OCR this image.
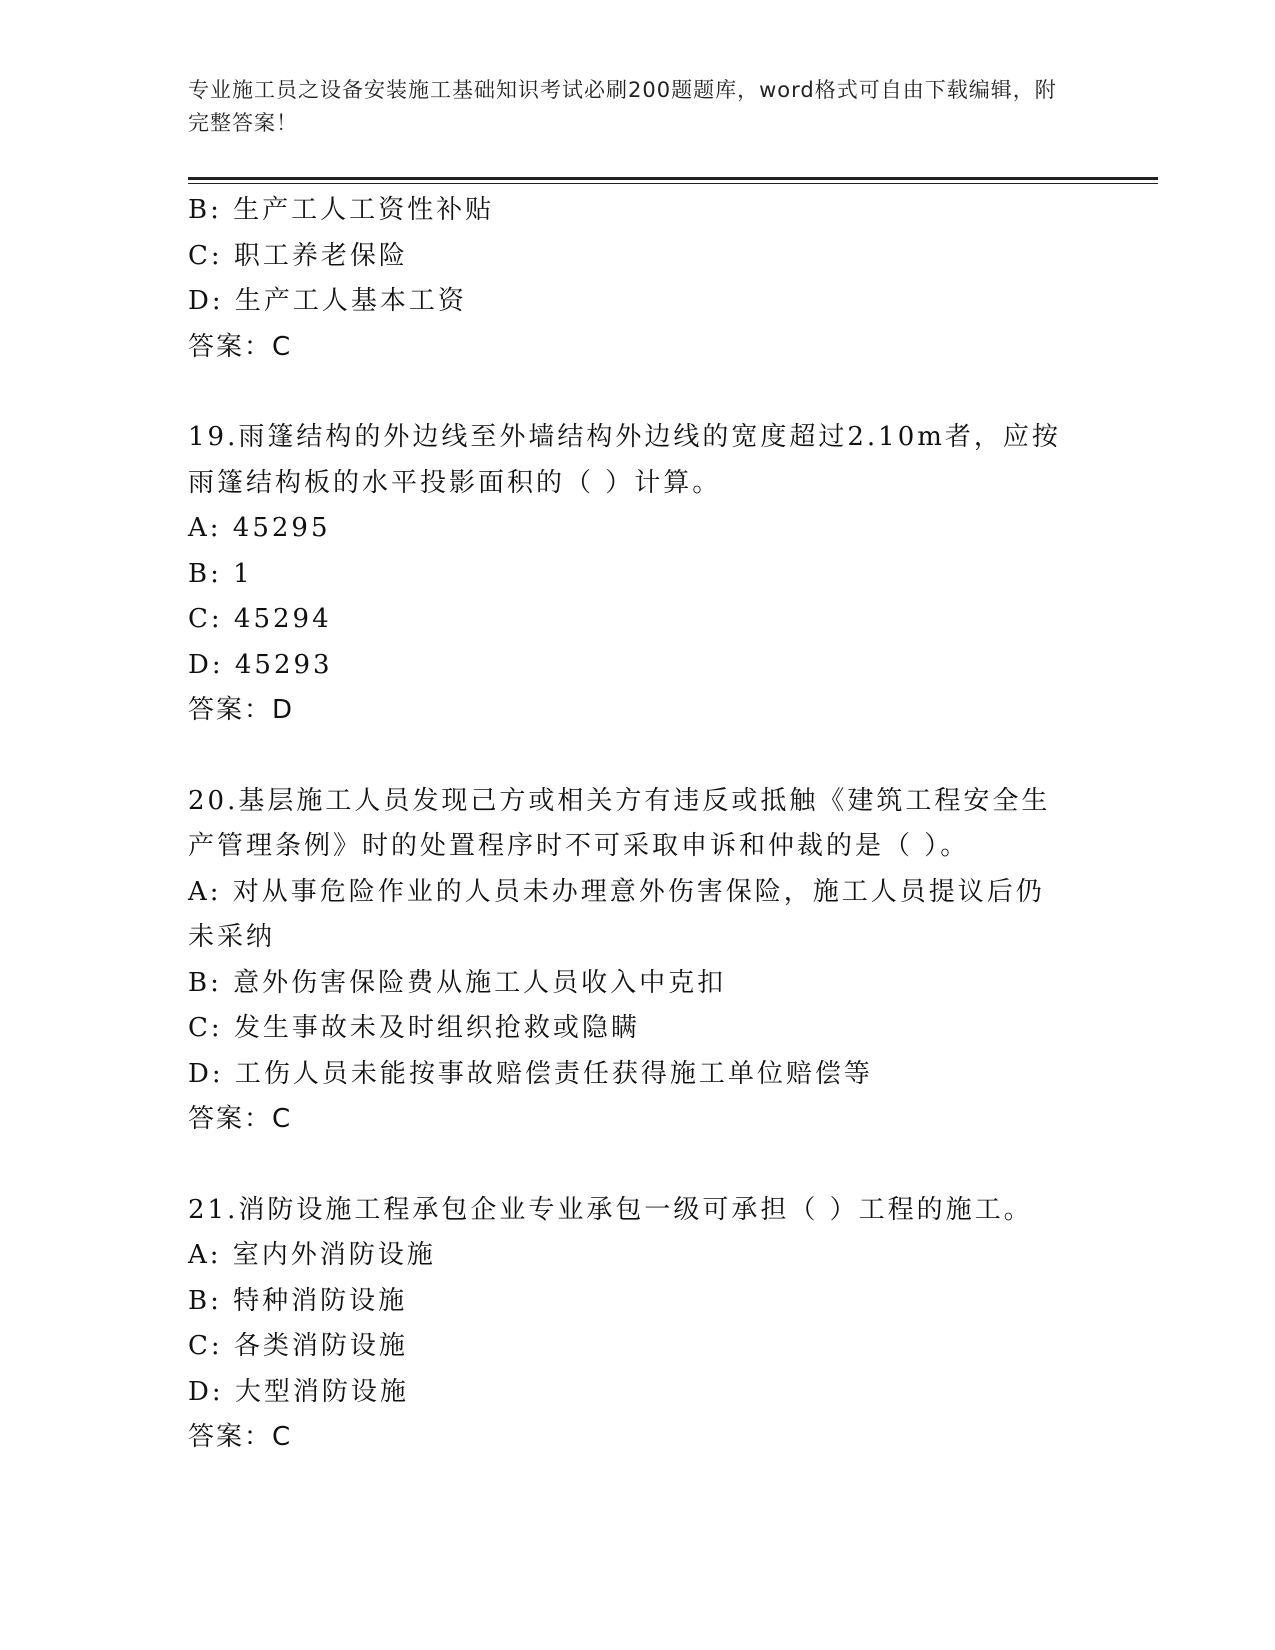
专业施工员之设备安装施工基础知识考试必刷200题题库，word格式可自由下载编辑，附完整答案！
B: 生产工人工资性补贴
C: 职工养老保险
D: 生产工人基本工资
答案：C
19.雨篷结构的外边线至外墙结构外边线的宽度超过2.10m者，应按雨篷结构板的水平投影面积的（ ）计算。
A: 45295
B: 1
C: 45294
D: 45293
答案：D
20.基层施工人员发现己方或相关方有违反或抵触《建筑工程安全生产管理条例》时的处置程序时不可采取申诉和仲裁的是（ ）。
A: 对从事危险作业的人员未办理意外伤害保险，施工人员提议后仍未采纳
B: 意外伤害保险费从施工人员收入中克扣
C: 发生事故未及时组织抢救或隐瞒
D: 工伤人员未能按事故赔偿责任获得施工单位赔偿等
答案：C
21.消防设施工程承包企业专业承包一级可承担（ ）工程的施工。
A: 室内外消防设施
B: 特种消防设施
C: 各类消防设施
D: 大型消防设施
答案：C
